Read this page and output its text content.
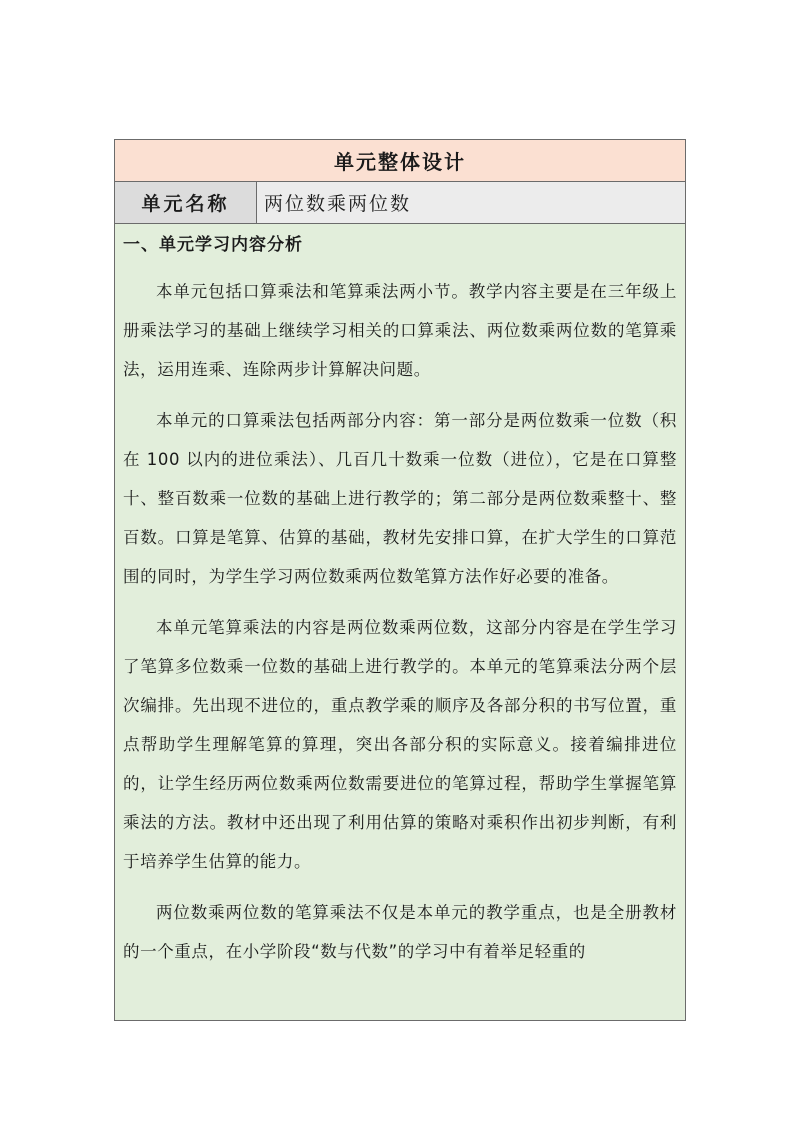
单元整体设计
单元名称	两位数乘两位数
一、单元学习内容分析

本单元包括口算乘法和笔算乘法两小节。教学内容主要是在三年级上册乘法学习的基础上继续学习相关的口算乘法、两位数乘两位数的笔算乘法，运用连乘、连除两步计算解决问题。

本单元的口算乘法包括两部分内容：第一部分是两位数乘一位数（积在 100 以内的进位乘法）、几百几十数乘一位数（进位），它是在口算整十、整百数乘一位数的基础上进行教学的；第二部分是两位数乘整十、整百数。口算是笔算、估算的基础，教材先安排口算，在扩大学生的口算范围的同时，为学生学习两位数乘两位数笔算方法作好必要的准备。

本单元笔算乘法的内容是两位数乘两位数，这部分内容是在学生学习了笔算多位数乘一位数的基础上进行教学的。本单元的笔算乘法分两个层次编排。先出现不进位的，重点教学乘的顺序及各部分积的书写位置，重点帮助学生理解笔算的算理，突出各部分积的实际意义。接着编排进位的，让学生经历两位数乘两位数需要进位的笔算过程，帮助学生掌握笔算乘法的方法。教材中还出现了利用估算的策略对乘积作出初步判断，有利于培养学生估算的能力。

两位数乘两位数的笔算乘法不仅是本单元的教学重点，也是全册教材的一个重点，在小学阶段“数与代数”的学习中有着举足轻重的
